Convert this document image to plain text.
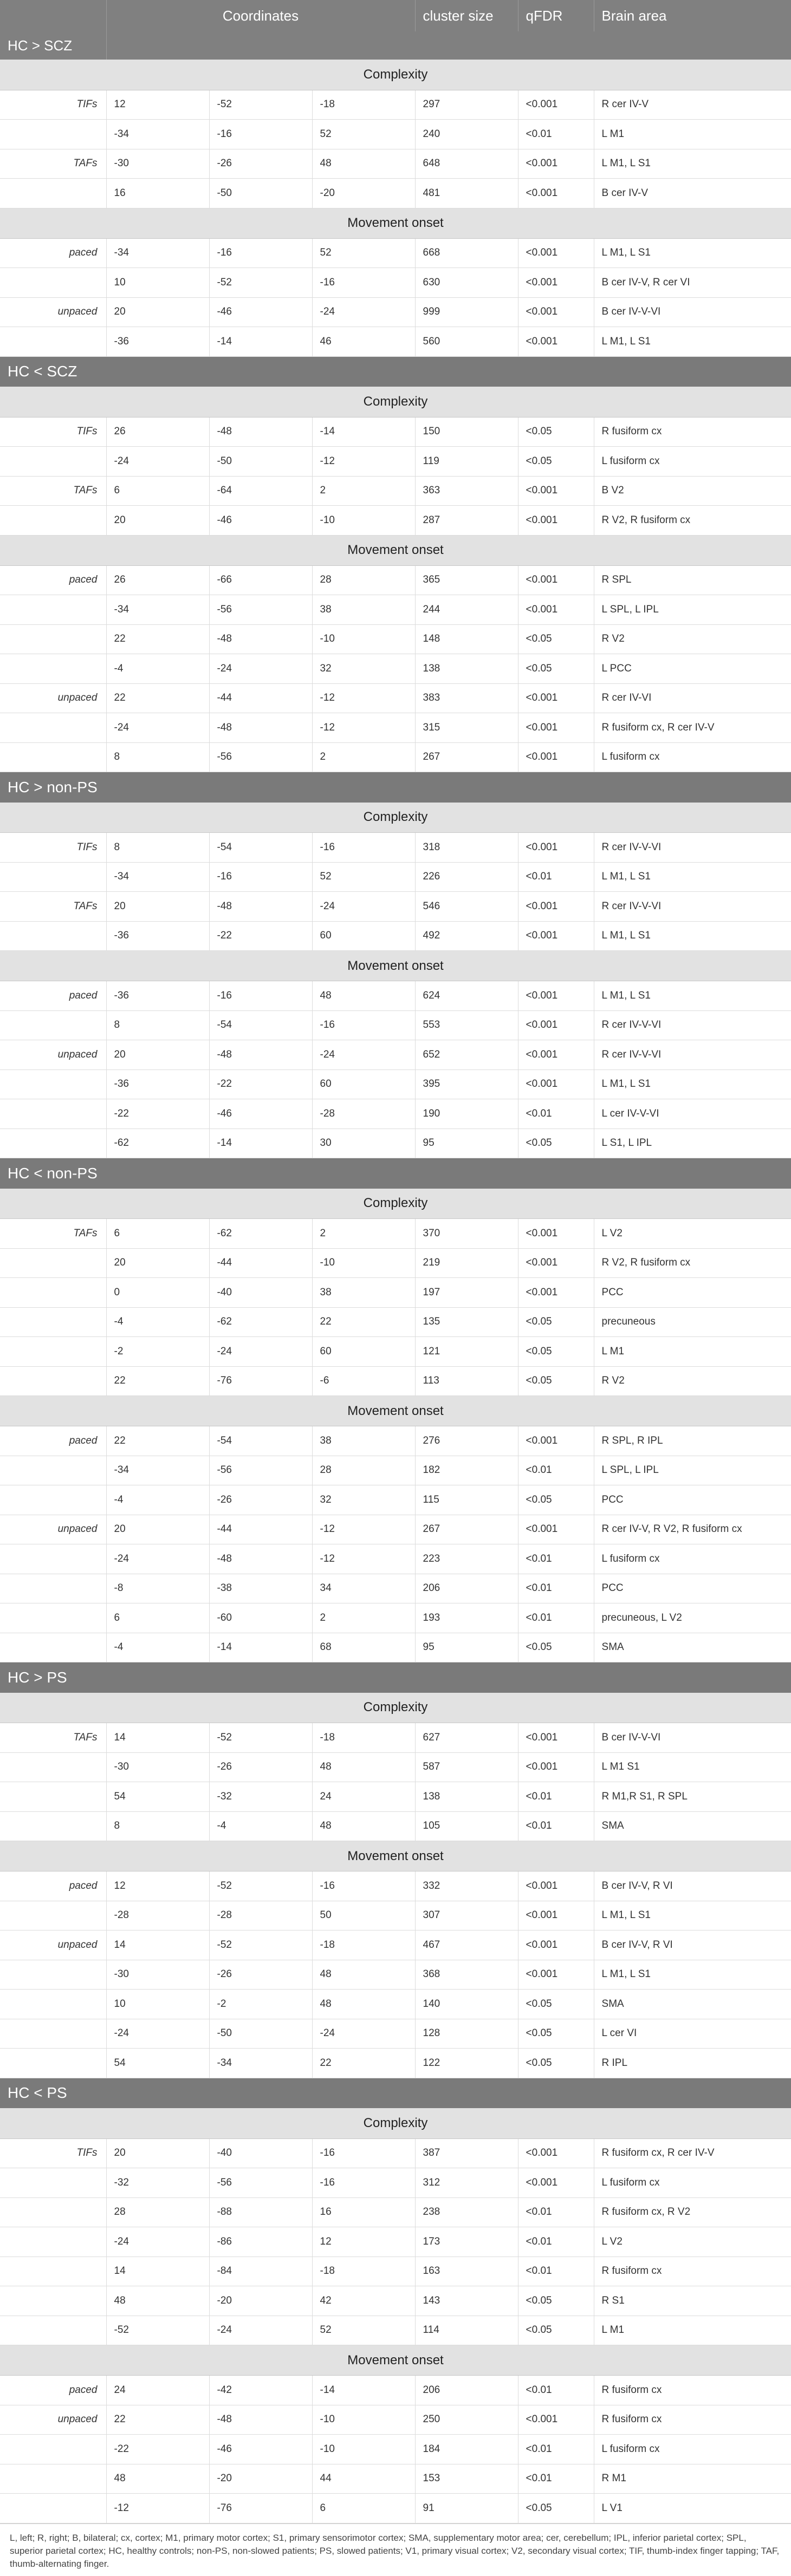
	Coordinates			cluster size	qFDR	Brain area
HC > SCZ						
Complexity						
TIFs	12	-52	-18	297	<0.001	R cer IV-V
	-34	-16	52	240	<0.01	L M1
TAFs	-30	-26	48	648	<0.001	L M1, L S1
	16	-50	-20	481	<0.001	B cer IV-V
Movement onset						
paced	-34	-16	52	668	<0.001	L M1, L S1
	10	-52	-16	630	<0.001	B cer IV-V, R cer VI
unpaced	20	-46	-24	999	<0.001	B cer IV-V-VI
	-36	-14	46	560	<0.001	L M1, L S1
HC < SCZ						
Complexity						
TIFs	26	-48	-14	150	<0.05	R fusiform cx
	-24	-50	-12	119	<0.05	L fusiform cx
TAFs	6	-64	2	363	<0.001	B V2
	20	-46	-10	287	<0.001	R V2, R fusiform cx
Movement onset						
paced	26	-66	28	365	<0.001	R SPL
	-34	-56	38	244	<0.001	L SPL, L IPL
	22	-48	-10	148	<0.05	R V2
	-4	-24	32	138	<0.05	L PCC
unpaced	22	-44	-12	383	<0.001	R cer IV-VI
	-24	-48	-12	315	<0.001	R fusiform cx, R cer IV-V
	8	-56	2	267	<0.001	L fusiform cx
HC > non-PS						
Complexity						
TIFs	8	-54	-16	318	<0.001	R cer IV-V-VI
	-34	-16	52	226	<0.01	L M1, L S1
TAFs	20	-48	-24	546	<0.001	R cer IV-V-VI
	-36	-22	60	492	<0.001	L M1, L S1
Movement onset						
paced	-36	-16	48	624	<0.001	L M1, L S1
	8	-54	-16	553	<0.001	R cer IV-V-VI
unpaced	20	-48	-24	652	<0.001	R cer IV-V-VI
	-36	-22	60	395	<0.001	L M1, L S1
	-22	-46	-28	190	<0.01	L cer IV-V-VI
	-62	-14	30	95	<0.05	L S1, L IPL
HC < non-PS						
Complexity						
TAFs	6	-62	2	370	<0.001	L V2
	20	-44	-10	219	<0.001	R V2, R fusiform cx
	0	-40	38	197	<0.001	PCC
	-4	-62	22	135	<0.05	precuneous
	-2	-24	60	121	<0.05	L M1
	22	-76	-6	113	<0.05	R V2
Movement onset						
paced	22	-54	38	276	<0.001	R SPL, R IPL
	-34	-56	28	182	<0.01	L SPL, L IPL
	-4	-26	32	115	<0.05	PCC
unpaced	20	-44	-12	267	<0.001	R cer IV-V, R V2, R fusiform cx
	-24	-48	-12	223	<0.01	L fusiform cx
	-8	-38	34	206	<0.01	PCC
	6	-60	2	193	<0.01	precuneous, L V2
	-4	-14	68	95	<0.05	SMA
HC > PS						
Complexity						
TAFs	14	-52	-18	627	<0.001	B cer IV-V-VI
	-30	-26	48	587	<0.001	L M1 S1
	54	-32	24	138	<0.01	R M1,R S1, R SPL
	8	-4	48	105	<0.01	SMA
Movement onset						
paced	12	-52	-16	332	<0.001	B cer IV-V, R VI
	-28	-28	50	307	<0.001	L M1, L S1
unpaced	14	-52	-18	467	<0.001	B cer IV-V, R VI
	-30	-26	48	368	<0.001	L M1, L S1
	10	-2	48	140	<0.05	SMA
	-24	-50	-24	128	<0.05	L cer VI
	54	-34	22	122	<0.05	R IPL
HC < PS						
Complexity						
TIFs	20	-40	-16	387	<0.001	R fusiform cx, R cer IV-V
	-32	-56	-16	312	<0.001	L fusiform cx
	28	-88	16	238	<0.01	R fusiform cx, R V2
	-24	-86	12	173	<0.01	L V2
	14	-84	-18	163	<0.01	R fusiform cx
	48	-20	42	143	<0.05	R S1
	-52	-24	52	114	<0.05	L M1
Movement onset						
paced	24	-42	-14	206	<0.01	R fusiform cx
unpaced	22	-48	-10	250	<0.001	R fusiform cx
	-22	-46	-10	184	<0.01	L fusiform cx
	48	-20	44	153	<0.01	R M1
	-12	-76	6	91	<0.05	L V1
L, left; R, right; B, bilateral; cx, cortex; M1, primary motor cortex; S1, primary sensorimotor cortex; SMA, supplementary motor area; cer, cerebellum; IPL, inferior parietal cortex; SPL, superior parietal cortex; HC, healthy controls; non-PS, non-slowed patients; PS, slowed patients; V1, primary visual cortex; V2, secondary visual cortex; TIF, thumb-index finger tapping; TAF, thumb-alternating finger.
